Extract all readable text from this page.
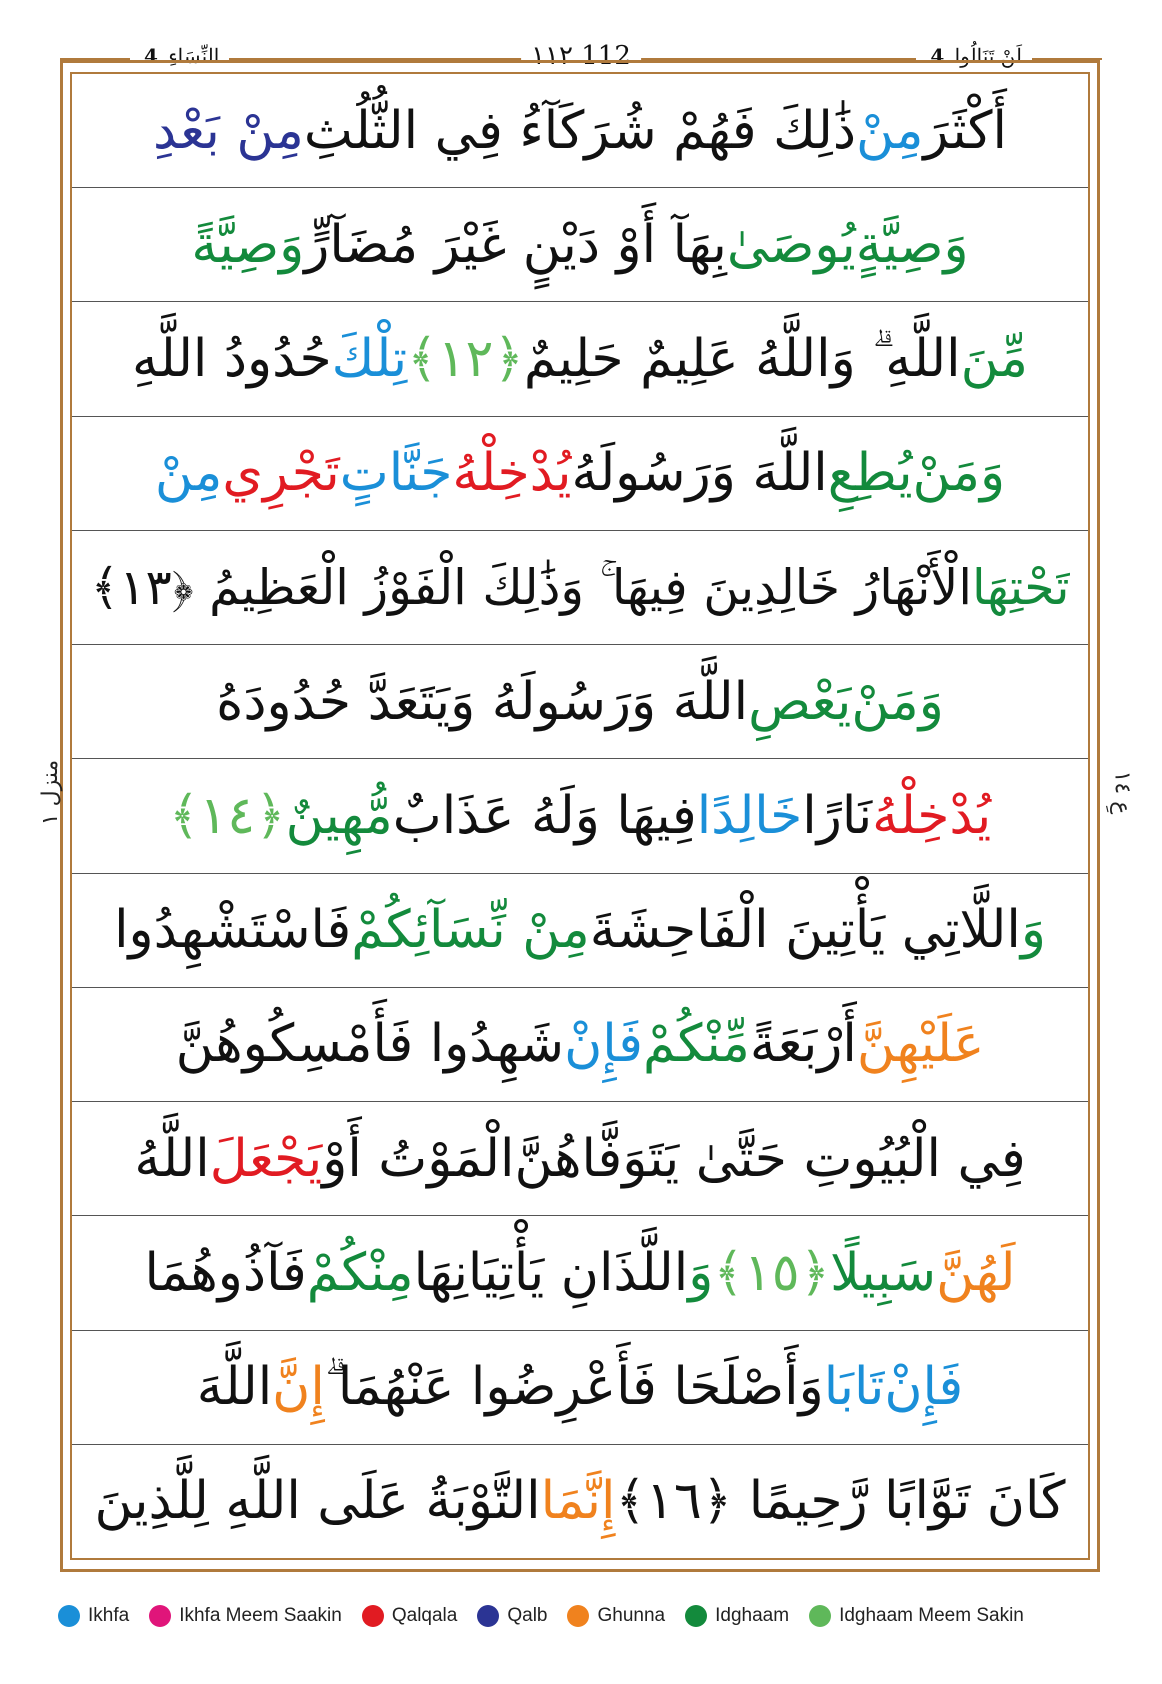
النِّسَاءِ 4	١١٢ 112	لَنْ تَنَالُوا 4
أَكْثَرَ
مِنْ
ذَٰلِكَ فَهُمْ شُرَكَآءُ فِي الثُّلُثِ
مِنْ بَعْدِ
وَصِيَّةٍ
يُوصَىٰ
بِهَآ أَوْ دَيْنٍ غَيْرَ مُضَآرٍّ
وَصِيَّةً
مِّنَ
اللَّهِ ۗ وَاللَّهُ عَلِيمٌ حَلِيمٌ
﴿١٢﴾
تِلْكَ
حُدُودُ اللَّهِ
وَمَنْ
يُطِعِ
اللَّهَ وَرَسُولَهُ
يُدْخِلْهُ
جَنَّاتٍ
تَجْرِي
مِنْ
تَحْتِهَا
الْأَنْهَارُ خَالِدِينَ فِيهَا ۚ وَذَٰلِكَ الْفَوْزُ الْعَظِيمُ ﴿١٣﴾
وَمَنْ
يَعْصِ
اللَّهَ وَرَسُولَهُ وَيَتَعَدَّ حُدُودَهُ
يُدْخِلْهُ
نَارًا
خَالِدًا
فِيهَا وَلَهُ عَذَابٌ
مُّهِينٌ
﴿١٤﴾
وَ
اللَّاتِي يَأْتِينَ الْفَاحِشَةَ
مِنْ نِّسَآئِكُمْ
فَاسْتَشْهِدُوا
عَلَيْهِنَّ
أَرْبَعَةً
مِّنْكُمْ
فَإِنْ
شَهِدُوا فَأَمْسِكُوهُنَّ
فِي الْبُيُوتِ حَتَّىٰ يَتَوَفَّاهُنَّ
الْمَوْتُ أَوْ
يَجْعَلَ
اللَّهُ
لَهُنَّ
سَبِيلًا
﴿١٥﴾
وَ
اللَّذَانِ يَأْتِيَانِهَا
مِنْكُمْ
فَآذُوهُمَا
فَإِنْ
تَابَا
وَأَصْلَحَا فَأَعْرِضُوا عَنْهُمَا ۗ
إِنَّ
اللَّهَ
كَانَ تَوَّابًا رَّحِيمًا ﴿١٦﴾
إِنَّمَا
التَّوْبَةُ عَلَى اللَّهِ لِلَّذِينَ
منزل ١	عِ ١٤
Ikhfa	Ikhfa Meem Saakin	Qalqala	Qalb	Ghunna	Idghaam	Idghaam Meem Sakin
